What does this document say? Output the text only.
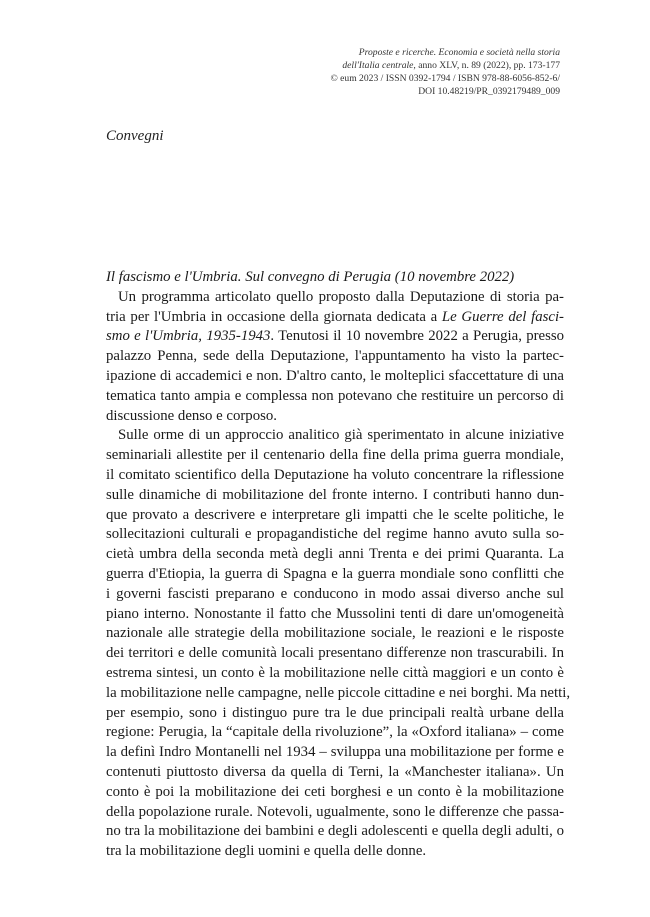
Proposte e ricerche. Economia e società nella storia
dell'Italia centrale, anno XLV, n. 89 (2022), pp. 173-177
© eum 2023 / ISSN 0392-1794 / ISBN 978-88-6056-852-6/
DOI 10.48219/PR_0392179489_009
Convegni
Il fascismo e l'Umbria. Sul convegno di Perugia (10 novembre 2022)
Un programma articolato quello proposto dalla Deputazione di storia pa-
tria per l'Umbria in occasione della giornata dedicata a Le Guerre del fasci-
smo e l'Umbria, 1935-1943. Tenutosi il 10 novembre 2022 a Perugia, presso
palazzo Penna, sede della Deputazione, l'appuntamento ha visto la partec-
ipazione di accademici e non. D'altro canto, le molteplici sfaccettature di una
tematica tanto ampia e complessa non potevano che restituire un percorso di
discussione denso e corposo.
Sulle orme di un approccio analitico già sperimentato in alcune iniziative
seminariali allestite per il centenario della fine della prima guerra mondiale,
il comitato scientifico della Deputazione ha voluto concentrare la riflessione
sulle dinamiche di mobilitazione del fronte interno. I contributi hanno dun-
que provato a descrivere e interpretare gli impatti che le scelte politiche, le
sollecitazioni culturali e propagandistiche del regime hanno avuto sulla so-
cietà umbra della seconda metà degli anni Trenta e dei primi Quaranta. La
guerra d'Etiopia, la guerra di Spagna e la guerra mondiale sono conflitti che
i governi fascisti preparano e conducono in modo assai diverso anche sul
piano interno. Nonostante il fatto che Mussolini tenti di dare un'omogeneità
nazionale alle strategie della mobilitazione sociale, le reazioni e le risposte
dei territori e delle comunità locali presentano differenze non trascurabili. In
estrema sintesi, un conto è la mobilitazione nelle città maggiori e un conto è
la mobilitazione nelle campagne, nelle piccole cittadine e nei borghi. Ma netti,
per esempio, sono i distinguo pure tra le due principali realtà urbane della
regione: Perugia, la “capitale della rivoluzione”, la «Oxford italiana» – come
la definì Indro Montanelli nel 1934 – sviluppa una mobilitazione per forme e
contenuti piuttosto diversa da quella di Terni, la «Manchester italiana». Un
conto è poi la mobilitazione dei ceti borghesi e un conto è la mobilitazione
della popolazione rurale. Notevoli, ugualmente, sono le differenze che passa-
no tra la mobilitazione dei bambini e degli adolescenti e quella degli adulti, o
tra la mobilitazione degli uomini e quella delle donne.
